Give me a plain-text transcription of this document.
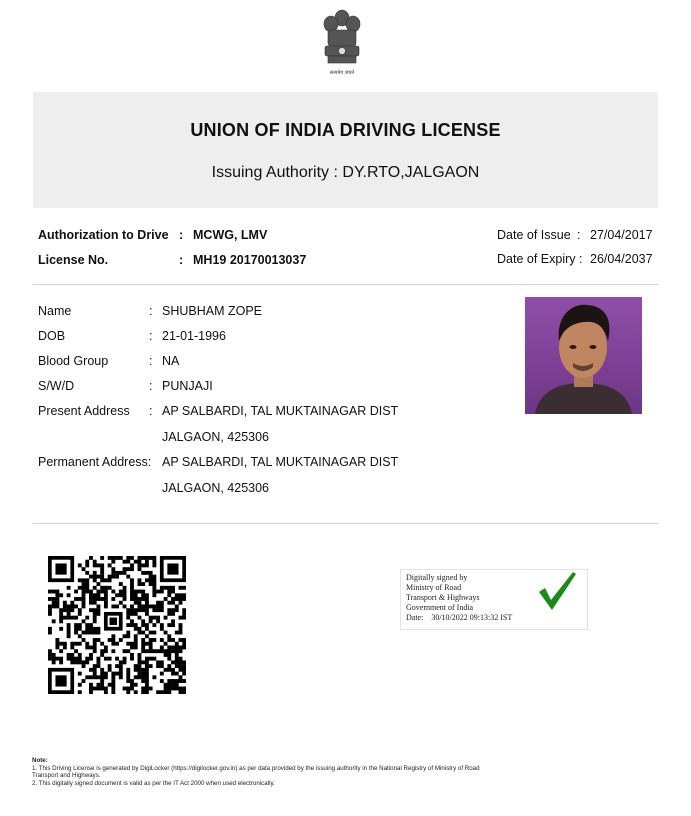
सत्यमेव जयते
UNION OF INDIA DRIVING LICENSE
Issuing Authority : DY.RTO,JALGAON
Authorization to Drive : MCWG, LMV
License No.	: MH19 20170013037
Date of Issue : 27/04/2017
Date of Expiry : 26/04/2037
Name	: SHUBHAM ZOPE
DOB	: 21-01-1996
Blood Group	: NA
S/W/D	: PUNJAJI
Present Address : AP SALBARDI, TAL MUKTAINAGAR DIST
JALGAON, 425306
Permanent Address: AP SALBARDI, TAL MUKTAINAGAR DIST
JALGAON, 425306
Digitally signed by
Ministry of Road
Transport & Highways
Government of India
Date: 30/10/2022 09:13:32 IST
Note:
1. This Driving License is generated by DigiLocker (https://digilocker.gov.in) as per data provided by the issuing authority in the National Registry of Ministry of Road
Transport and Highways.
2. This digitally signed document is valid as per the IT Act 2000 when used electronically.
